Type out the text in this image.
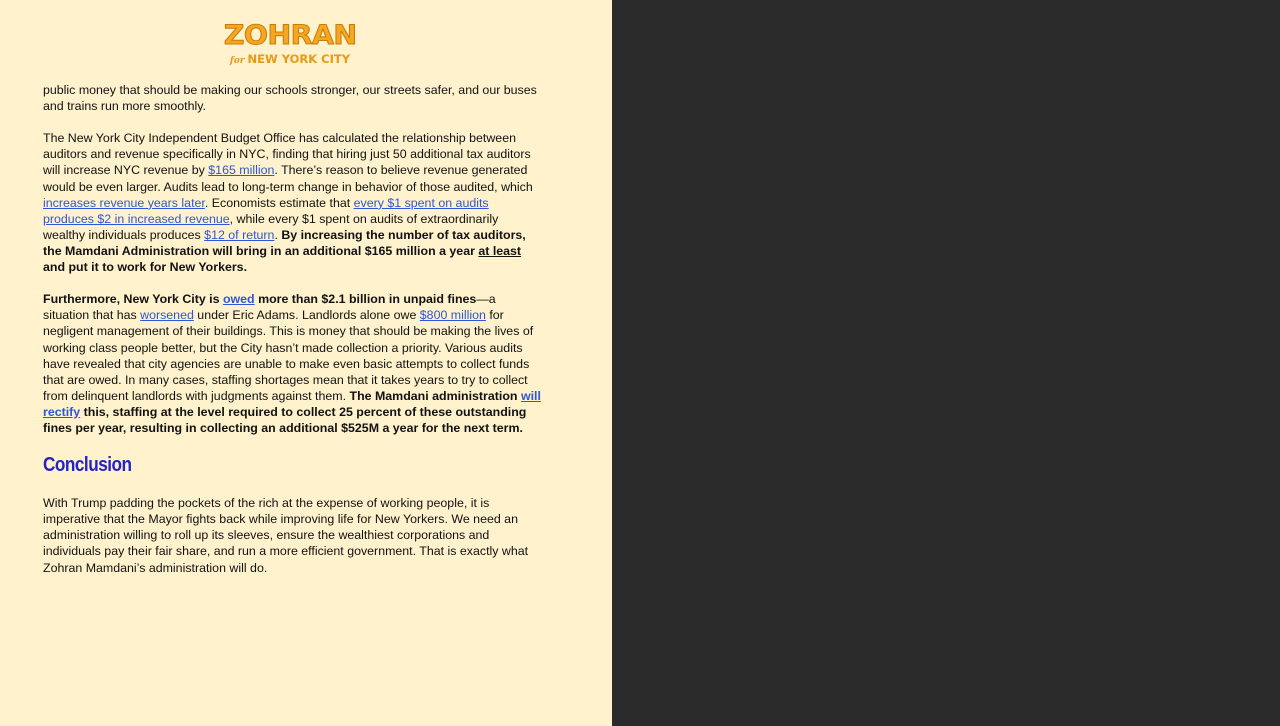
ZOHRAN
for NEW YORK CITY

public money that should be making our schools stronger, our streets safer, and our buses and trains run more smoothly.

The New York City Independent Budget Office has calculated the relationship between auditors and revenue specifically in NYC, finding that hiring just 50 additional tax auditors will increase NYC revenue by $165 million. There’s reason to believe revenue generated would be even larger. Audits lead to long-term change in behavior of those audited, which increases revenue years later. Economists estimate that every $1 spent on audits produces $2 in increased revenue, while every $1 spent on audits of extraordinarily wealthy individuals produces $12 of return. By increasing the number of tax auditors, the Mamdani Administration will bring in an additional $165 million a year at least and put it to work for New Yorkers.

Furthermore, New York City is owed more than $2.1 billion in unpaid fines—a situation that has worsened under Eric Adams. Landlords alone owe $800 million for negligent management of their buildings. This is money that should be making the lives of working class people better, but the City hasn’t made collection a priority. Various audits have revealed that city agencies are unable to make even basic attempts to collect funds that are owed. In many cases, staffing shortages mean that it takes years to try to collect from delinquent landlords with judgments against them. The Mamdani administration will rectify this, staffing at the level required to collect 25 percent of these outstanding fines per year, resulting in collecting an additional $525M a year for the next term.

Conclusion

With Trump padding the pockets of the rich at the expense of working people, it is imperative that the Mayor fights back while improving life for New Yorkers. We need an administration willing to roll up its sleeves, ensure the wealthiest corporations and individuals pay their fair share, and run a more efficient government. That is exactly what Zohran Mamdani’s administration will do.
